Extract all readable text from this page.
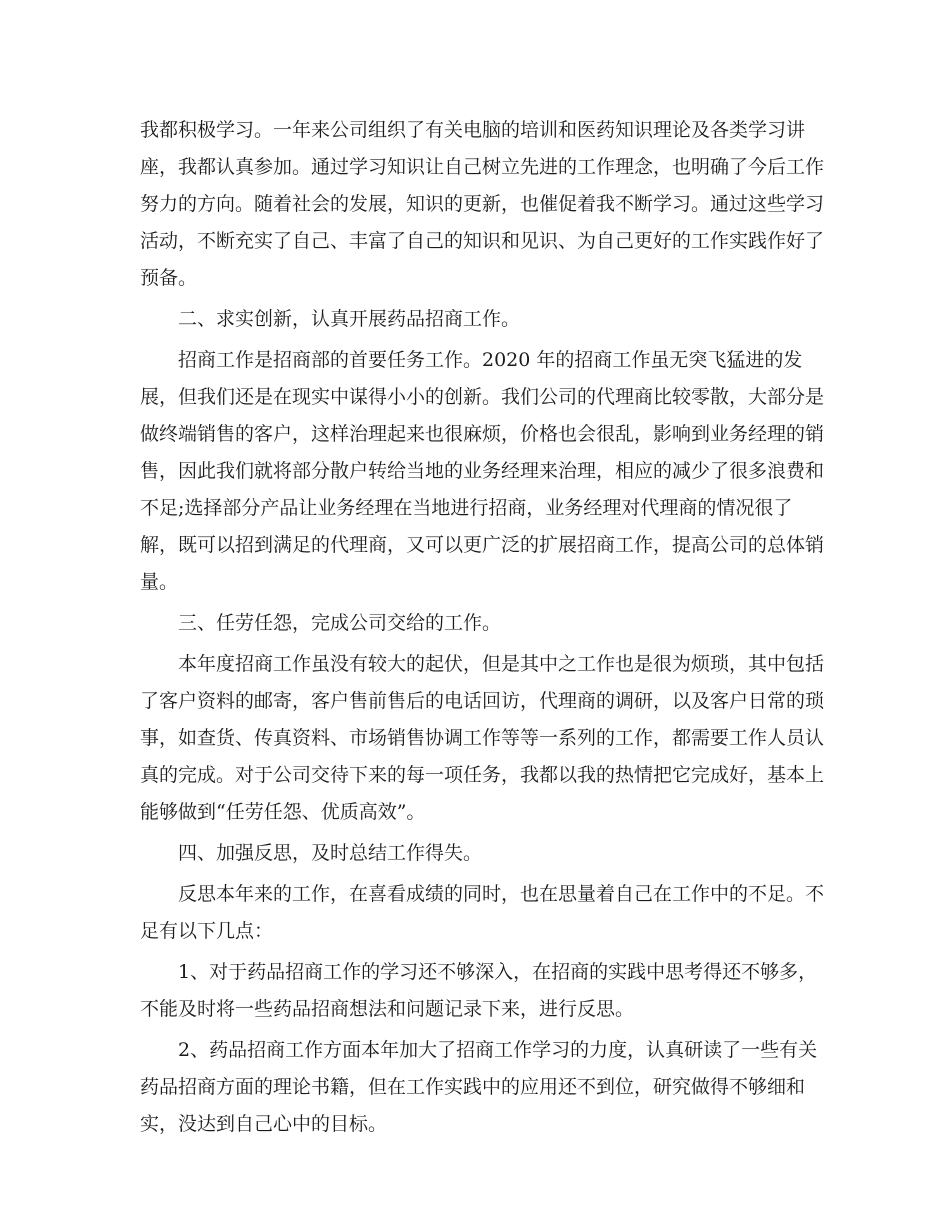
我都积极学习。一年来公司组织了有关电脑的培训和医药知识理论及各类学习讲
座，我都认真参加。通过学习知识让自己树立先进的工作理念，也明确了今后工作
努力的方向。随着社会的发展，知识的更新，也催促着我不断学习。通过这些学习
活动，不断充实了自己、丰富了自己的知识和见识、为自己更好的工作实践作好了
预备。
二、求实创新，认真开展药品招商工作。
招商工作是招商部的首要任务工作。2020 年的招商工作虽无突飞猛进的发
展，但我们还是在现实中谋得小小的创新。我们公司的代理商比较零散，大部分是
做终端销售的客户，这样治理起来也很麻烦，价格也会很乱，影响到业务经理的销
售，因此我们就将部分散户转给当地的业务经理来治理，相应的减少了很多浪费和
不足;选择部分产品让业务经理在当地进行招商，业务经理对代理商的情况很了
解，既可以招到满足的代理商，又可以更广泛的扩展招商工作，提高公司的总体销
量。
三、任劳任怨，完成公司交给的工作。
本年度招商工作虽没有较大的起伏，但是其中之工作也是很为烦琐，其中包括
了客户资料的邮寄，客户售前售后的电话回访，代理商的调研，以及客户日常的琐
事，如查货、传真资料、市场销售协调工作等等一系列的工作，都需要工作人员认
真的完成。对于公司交待下来的每一项任务，我都以我的热情把它完成好，基本上
能够做到“任劳任怨、优质高效”。
四、加强反思，及时总结工作得失。
反思本年来的工作，在喜看成绩的同时，也在思量着自己在工作中的不足。不
足有以下几点：
1、对于药品招商工作的学习还不够深入，在招商的实践中思考得还不够多，
不能及时将一些药品招商想法和问题记录下来，进行反思。
2、药品招商工作方面本年加大了招商工作学习的力度，认真研读了一些有关
药品招商方面的理论书籍，但在工作实践中的应用还不到位，研究做得不够细和
实，没达到自己心中的目标。
